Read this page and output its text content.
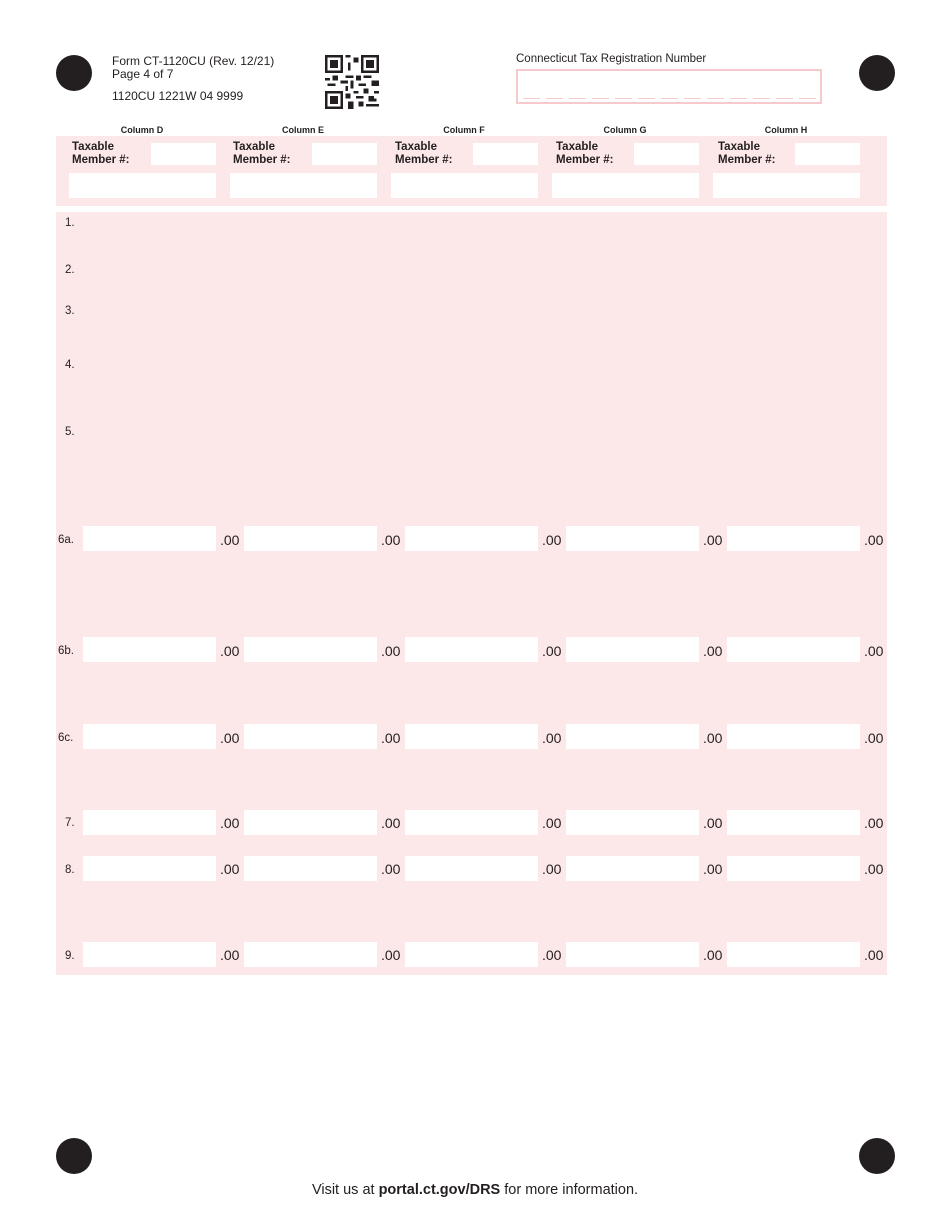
Form CT-1120CU (Rev. 12/21)
Page 4 of 7
1120CU 1221W 04 9999
Connecticut Tax Registration Number
Column D	Column E	Column F	Column G	Column H
Taxable
Member #:
Taxable
Member #:
Taxable
Member #:
Taxable
Member #:
Taxable
Member #:
1.
2.
3.
4.
5.
6a.	.00	.00	.00	.00	.00
6b.	.00	.00	.00	.00	.00
6c.	.00	.00	.00	.00	.00
7.	.00	.00	.00	.00	.00
8.	.00	.00	.00	.00	.00
9.	.00	.00	.00	.00	.00
Visit us at portal.ct.gov/DRS for more information.
